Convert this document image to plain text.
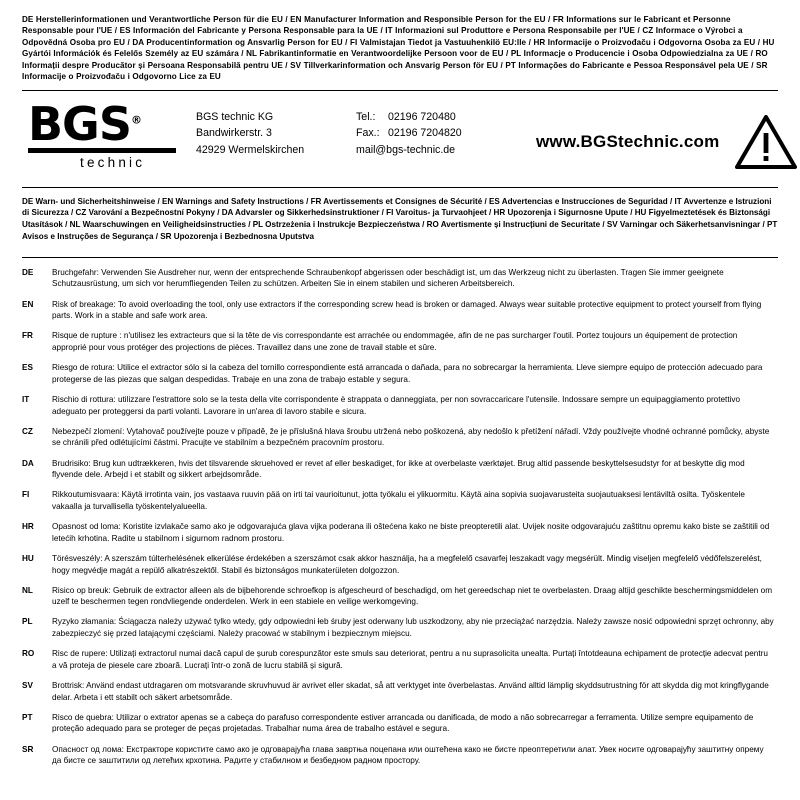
DE Herstellerinformationen und Verantwortliche Person für die EU / EN Manufacturer Information and Responsible Person for the EU / FR Informations sur le Fabricant et Personne Responsable pour l'UE / ES Información del Fabricante y Persona Responsable para la UE / IT Informazioni sul Produttore e Persona Responsabile per l'UE / CZ Informace o Výrobci a Odpovědná Osoba pro EU / DA Producentinformation og Ansvarlig Person for EU / FI Valmistajan Tiedot ja Vastuuhenkilö EU:lle / HR Informacije o Proizvođaču i Odgovorna Osoba za EU / HU Gyártói Információk és Felelős Személy az EU számára / NL Fabrikantinformatie en Verantwoordelijke Persoon voor de EU / PL Informacje o Producencie i Osoba Odpowiedzialna za UE / RO Informații despre Producător și Persoana Responsabilă pentru UE / SV Tillverkarinformation och Ansvarig Person för EU / PT Informações do Fabricante e Pessoa Responsável pela UE / SR Informacije o Proizvođaču i Odgovorno Lice za EU
BGS®
technic
BGS technic KG
Bandwirkerstr. 3
42929 Wermelskirchen
Tel.: 02196 720480
Fax.: 02196 7204820
mail@bgs-technic.de	www.BGStechnic.com
DE Warn- und Sicherheitshinweise / EN Warnings and Safety Instructions / FR Avertissements et Consignes de Sécurité / ES Advertencias e Instrucciones de Seguridad / IT Avvertenze e Istruzioni di Sicurezza / CZ Varování a Bezpečnostní Pokyny / DA Advarsler og Sikkerhedsinstruktioner / FI Varoitus- ja Turvaohjeet / HR Upozorenja i Sigurnosne Upute / HU Figyelmeztetések és Biztonsági Utasítások / NL Waarschuwingen en Veiligheidsinstructies / PL Ostrzeżenia i Instrukcje Bezpieczeństwa / RO Avertismente și Instrucțiuni de Securitate / SV Varningar och Säkerhetsanvisningar / PT Avisos e Instruções de Segurança / SR Upozorenja i Bezbednosna Uputstva
DE	Bruchgefahr: Verwenden Sie Ausdreher nur, wenn der entsprechende Schraubenkopf abgerissen oder beschädigt ist, um das Werkzeug nicht zu überlasten. Tragen Sie immer geeignete Schutzausrüstung, um sich vor herumfliegenden Teilen zu schützen. Arbeiten Sie in einem stabilen und sicheren Arbeitsbereich.
EN	Risk of breakage: To avoid overloading the tool, only use extractors if the corresponding screw head is broken or damaged. Always wear suitable protective equipment to protect yourself from flying parts. Work in a stable and safe work area.
FR	Risque de rupture : n'utilisez les extracteurs que si la tête de vis correspondante est arrachée ou endommagée, afin de ne pas surcharger l'outil. Portez toujours un équipement de protection approprié pour vous protéger des projections de pièces. Travaillez dans une zone de travail stable et sûre.
ES	Riesgo de rotura: Utilice el extractor sólo si la cabeza del tornillo correspondiente está arrancada o dañada, para no sobrecargar la herramienta. Lleve siempre equipo de protección adecuado para protegerse de las piezas que salgan despedidas. Trabaje en una zona de trabajo estable y segura.
IT	Rischio di rottura: utilizzare l'estrattore solo se la testa della vite corrispondente è strappata o danneggiata, per non sovraccaricare l'utensile. Indossare sempre un equipaggiamento protettivo adeguato per proteggersi da parti volanti. Lavorare in un'area di lavoro stabile e sicura.
CZ	Nebezpečí zlomení: Vytahovač používejte pouze v případě, že je příslušná hlava šroubu utržená nebo poškozená, aby nedošlo k přetížení nářadí. Vždy používejte vhodné ochranné pomůcky, abyste se chránili před odlétujícími částmi. Pracujte ve stabilním a bezpečném pracovním prostoru.
DA	Brudrisiko: Brug kun udtrækkeren, hvis det tilsvarende skruehoved er revet af eller beskadiget, for ikke at overbelaste værktøjet. Brug altid passende beskyttelsesudstyr for at beskytte dig mod flyvende dele. Arbejd i et stabilt og sikkert arbejdsområde.
FI	Rikkoutumisvaara: Käytä irrotinta vain, jos vastaava ruuvin pää on irti tai vaurioitunut, jotta työkalu ei ylikuormitu. Käytä aina sopivia suojavarusteita suojautuaksesi lentäviltä osilta. Työskentele vakaalla ja turvallisella työskentelyalueella.
HR	Opasnost od loma: Koristite izvlakače samo ako je odgovarajuća glava vijka poderana ili oštećena kako ne biste preopteretili alat. Uvijek nosite odgovarajuću zaštitnu opremu kako biste se zaštitili od letećih krhotina. Radite u stabilnom i sigurnom radnom prostoru.
HU	Törésveszély: A szerszám túlterhelésének elkerülése érdekében a szerszámot csak akkor használja, ha a megfelelő csavarfej leszakadt vagy megsérült. Mindig viseljen megfelelő védőfelszerelést, hogy megvédje magát a repülő alkatrészektől. Stabil és biztonságos munkaterületen dolgozzon.
NL	Risico op breuk: Gebruik de extractor alleen als de bijbehorende schroefkop is afgescheurd of beschadigd, om het gereedschap niet te overbelasten. Draag altijd geschikte beschermingsmiddelen om uzelf te beschermen tegen rondvliegende onderdelen. Werk in een stabiele en veilige werkomgeving.
PL	Ryzyko złamania: Ściągacza należy używać tylko wtedy, gdy odpowiedni łeb śruby jest oderwany lub uszkodzony, aby nie przeciążać narzędzia. Należy zawsze nosić odpowiedni sprzęt ochronny, aby zabezpieczyć się przed latającymi częściami. Należy pracować w stabilnym i bezpiecznym miejscu.
RO	Risc de rupere: Utilizați extractorul numai dacă capul de șurub corespunzător este smuls sau deteriorat, pentru a nu suprasolicita unealta. Purtați întotdeauna echipament de protecție adecvat pentru a vă proteja de piesele care zboară. Lucrați într-o zonă de lucru stabilă și sigură.
SV	Brottrisk: Använd endast utdragaren om motsvarande skruvhuvud är avrivet eller skadat, så att verktyget inte överbelastas. Använd alltid lämplig skyddsutrustning för att skydda dig mot kringflygande delar. Arbeta i ett stabilt och säkert arbetsområde.
PT	Risco de quebra: Utilizar o extrator apenas se a cabeça do parafuso correspondente estiver arrancada ou danificada, de modo a não sobrecarregar a ferramenta. Utilize sempre equipamento de proteção adequado para se proteger de peças projetadas. Trabalhar numa área de trabalho estável e segura.
SR	Опасност од лома: Екстракторе користите само ако је одговарајућа глава завртња поцепана или оштећена како не бисте преоптеретили алат. Увек носите одговарајућу заштитну опрему да бисте се заштитили од летећих крхотина. Радите у стабилном и безбедном радном простору.
